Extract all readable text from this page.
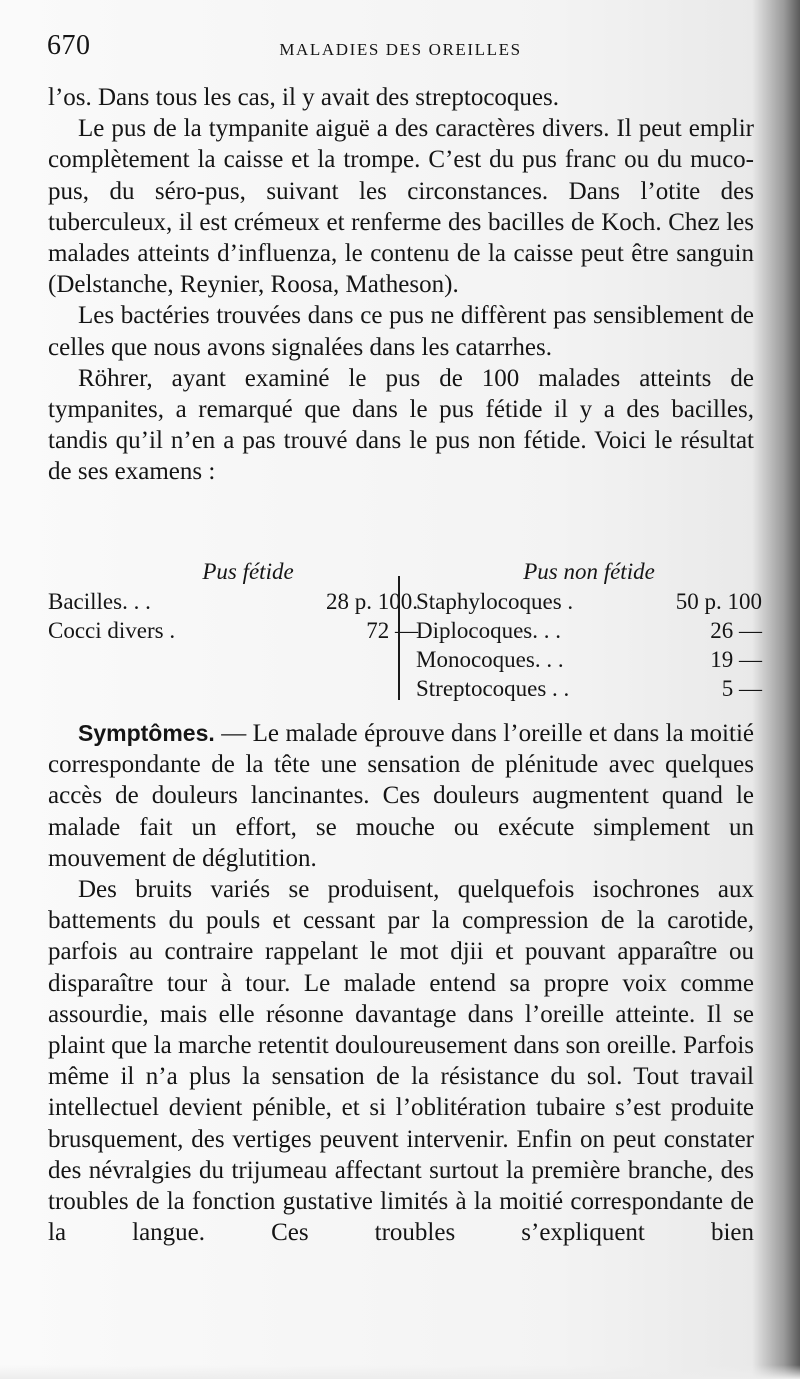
670	MALADIES DES OREILLES

l’os. Dans tous les cas, il y avait des streptocoques.

Le pus de la tympanite aiguë a des caractères divers. Il peut emplir complètement la caisse et la trompe. C’est du pus franc ou du muco-pus, du séro-pus, suivant les circonstances. Dans l’otite des tuberculeux, il est crémeux et renferme des bacilles de Koch. Chez les malades atteints d’influenza, le contenu de la caisse peut être sanguin (Delstanche, Reynier, Roosa, Matheson).

Les bactéries trouvées dans ce pus ne diffèrent pas sensiblement de celles que nous avons signalées dans les catarrhes.

Röhrer, ayant examiné le pus de 100 malades atteints de tympanites, a remarqué que dans le pus fétide il y a des bacilles, tandis qu’il n’en a pas trouvé dans le pus non fétide. Voici le résultat de ses examens :

Pus fétide
Bacilles. . .	28 p. 100.
Cocci divers .	72 —
Pus non fétide
Staphylocoques .	50 p. 100
Diplocoques. . .	26 —
Monocoques. . .	19 —
Streptocoques . .	5 —

Symptômes. — Le malade éprouve dans l’oreille et dans la moitié correspondante de la tête une sensation de plénitude avec quelques accès de douleurs lancinantes. Ces douleurs augmentent quand le malade fait un effort, se mouche ou exécute simplement un mouvement de déglutition.

Des bruits variés se produisent, quelquefois isochrones aux battements du pouls et cessant par la compression de la carotide, parfois au contraire rappelant le mot djii et pouvant apparaître ou disparaître tour à tour. Le malade entend sa propre voix comme assourdie, mais elle résonne davantage dans l’oreille atteinte. Il se plaint que la marche retentit douloureusement dans son oreille. Parfois même il n’a plus la sensation de la résistance du sol. Tout travail intellectuel devient pénible, et si l’oblitération tubaire s’est produite brusquement, des vertiges peuvent intervenir. Enfin on peut constater des névralgies du trijumeau affectant surtout la première branche, des troubles de la fonction gustative limités à la moitié correspondante de la langue. Ces troubles s’expliquent bien
